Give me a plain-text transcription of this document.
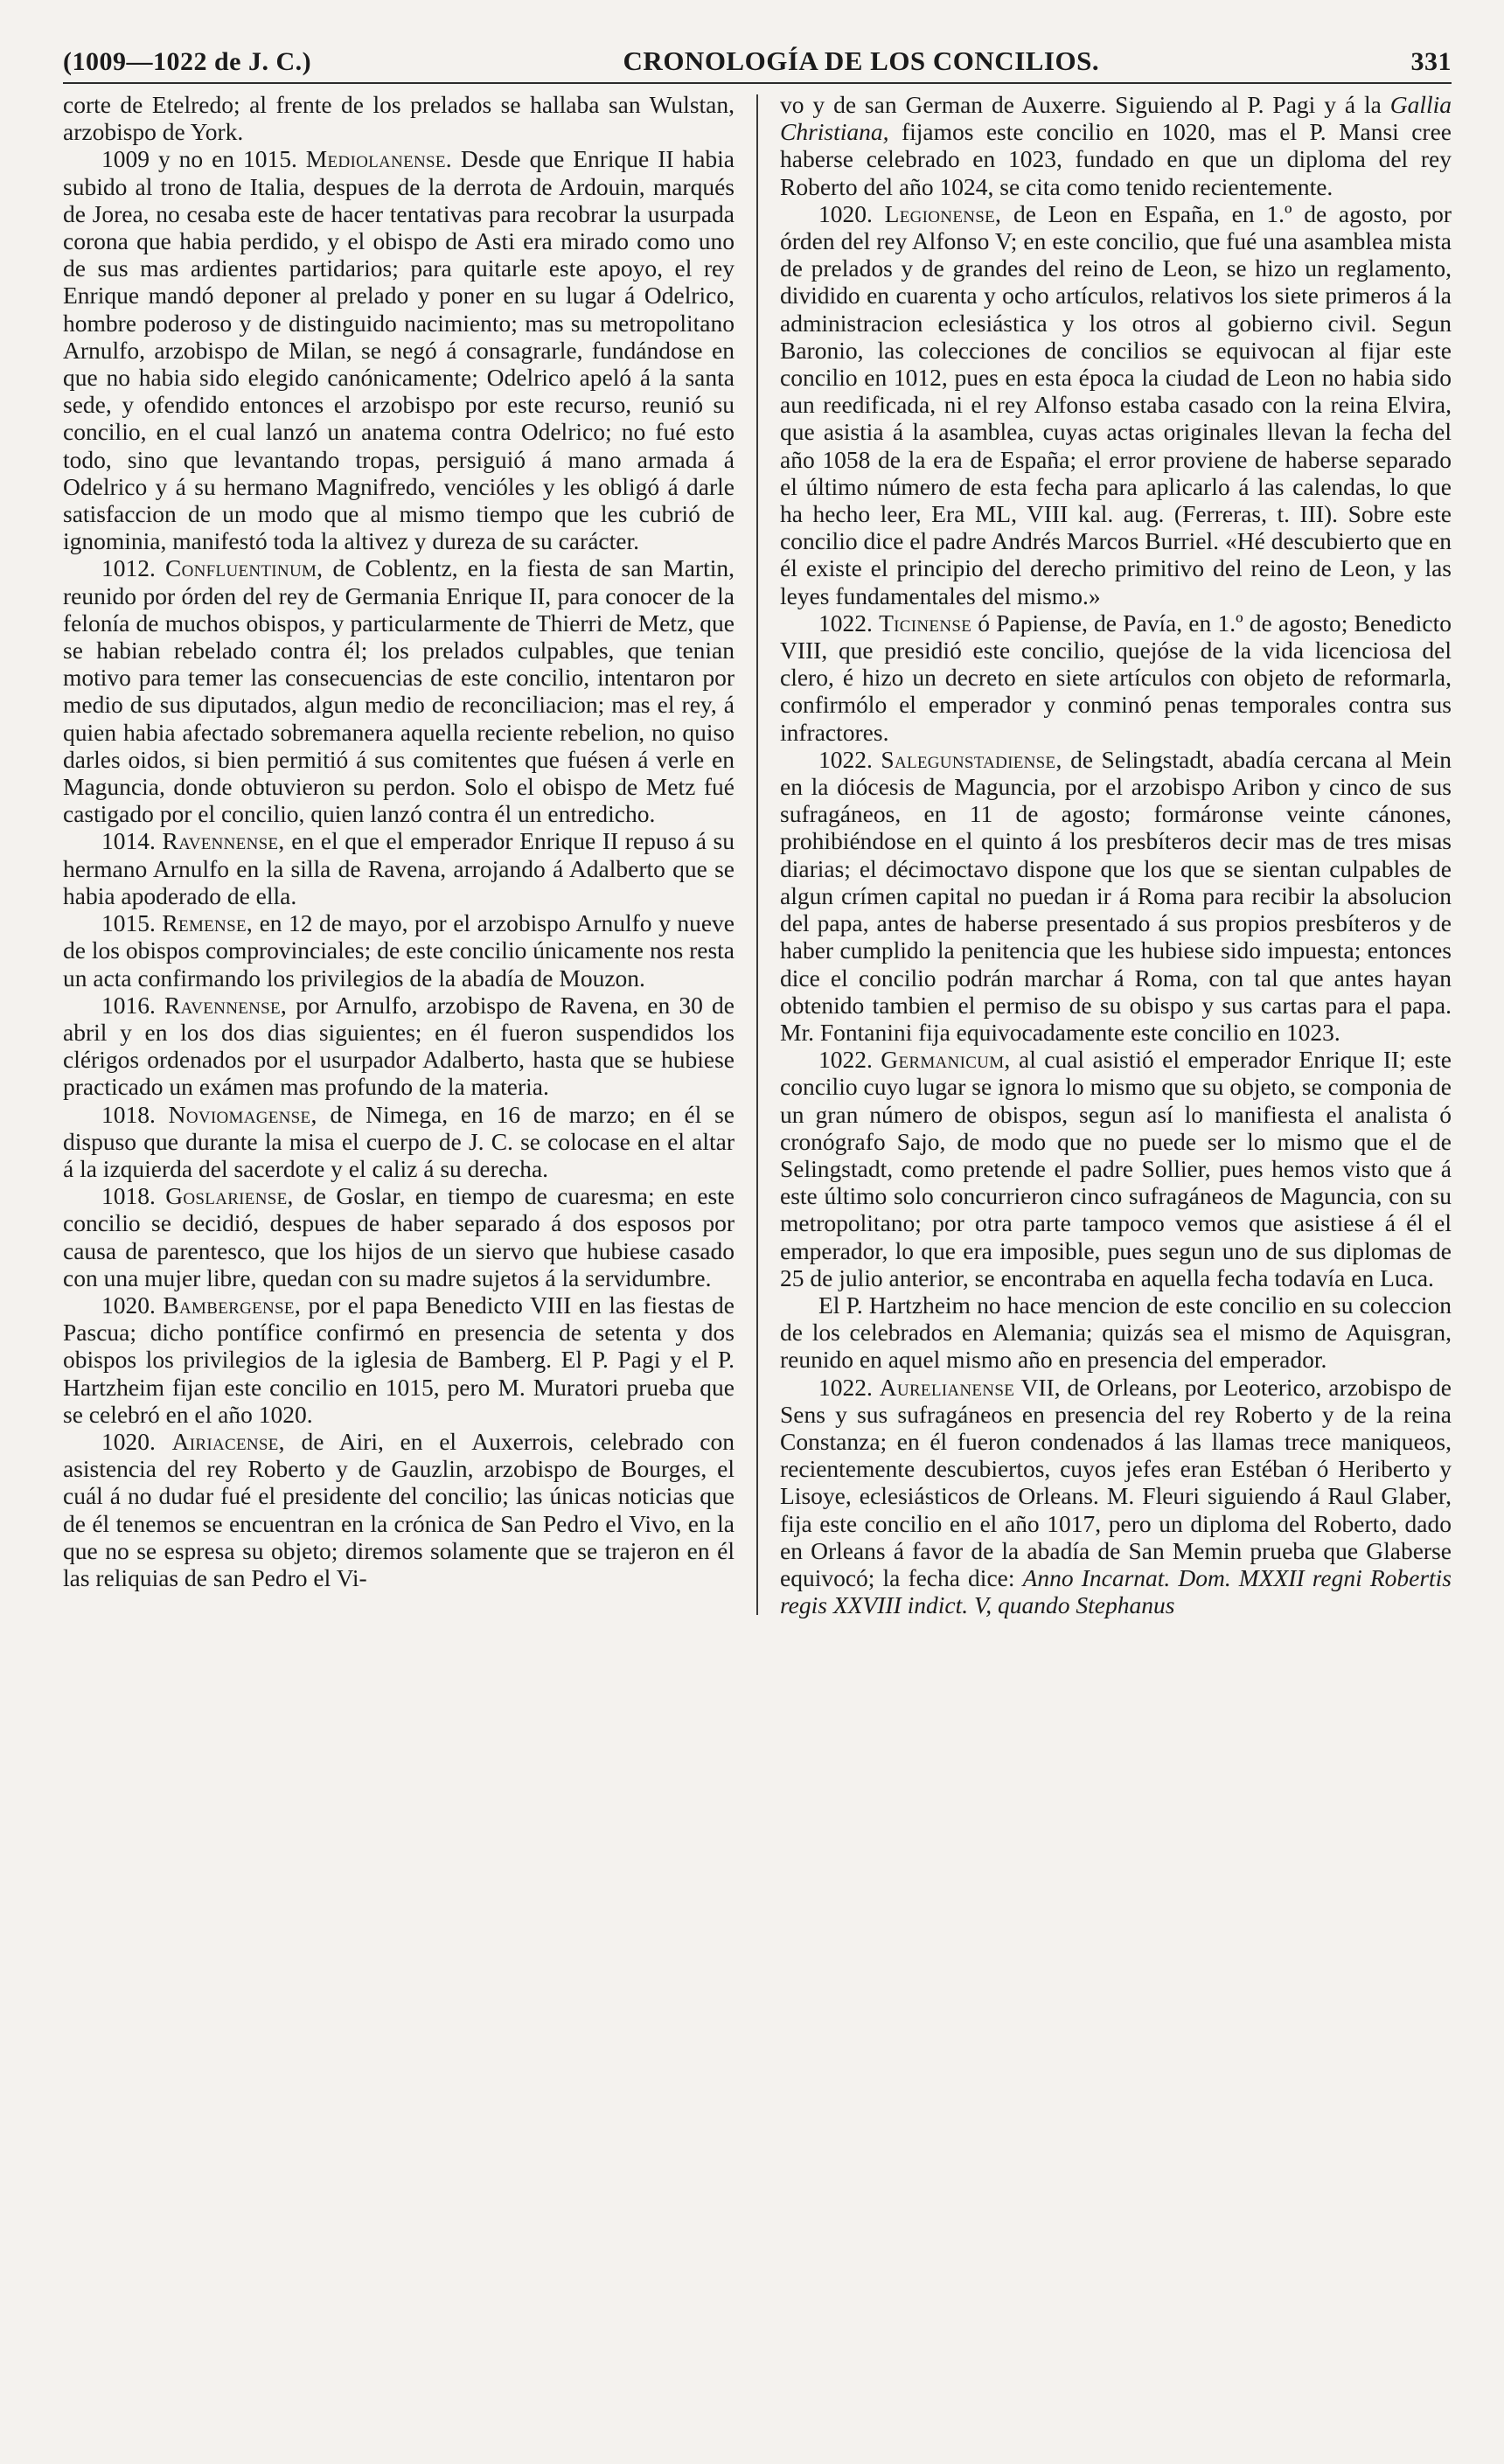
(1009—1022 de J. C.)	CRONOLOGÍA DE LOS CONCILIOS.	331

corte de Etelredo; al frente de los prelados se hallaba san Wulstan, arzobispo de York.

1009 y no en 1015. Mediolanense. Desde que Enrique II habia subido al trono de Italia, despues de la derrota de Ardouin, marqués de Jorea, no cesaba este de hacer tentativas para recobrar la usurpada corona que habia perdido, y el obispo de Asti era mirado como uno de sus mas ardientes partidarios; para quitarle este apoyo, el rey Enrique mandó deponer al prelado y poner en su lugar á Odelrico, hombre poderoso y de distinguido nacimiento; mas su metropolitano Arnulfo, arzobispo de Milan, se negó á consagrarle, fundándose en que no habia sido elegido canónicamente; Odelrico apeló á la santa sede, y ofendido entonces el arzobispo por este recurso, reunió su concilio, en el cual lanzó un anatema contra Odelrico; no fué esto todo, sino que levantando tropas, persiguió á mano armada á Odelrico y á su hermano Magnifredo, vencióles y les obligó á darle satisfaccion de un modo que al mismo tiempo que les cubrió de ignominia, manifestó toda la altivez y dureza de su carácter.

1012. Confluentinum, de Coblentz, en la fiesta de san Martin, reunido por órden del rey de Germania Enrique II, para conocer de la felonía de muchos obispos, y particularmente de Thierri de Metz, que se habian rebelado contra él; los prelados culpables, que tenian motivo para temer las consecuencias de este concilio, intentaron por medio de sus diputados, algun medio de reconciliacion; mas el rey, á quien habia afectado sobremanera aquella reciente rebelion, no quiso darles oidos, si bien permitió á sus comitentes que fuésen á verle en Maguncia, donde obtuvieron su perdon. Solo el obispo de Metz fué castigado por el concilio, quien lanzó contra él un entredicho.

1014. Ravennense, en el que el emperador Enrique II repuso á su hermano Arnulfo en la silla de Ravena, arrojando á Adalberto que se habia apoderado de ella.

1015. Remense, en 12 de mayo, por el arzobispo Arnulfo y nueve de los obispos comprovinciales; de este concilio únicamente nos resta un acta confirmando los privilegios de la abadía de Mouzon.

1016. Ravennense, por Arnulfo, arzobispo de Ravena, en 30 de abril y en los dos dias siguientes; en él fueron suspendidos los clérigos ordenados por el usurpador Adalberto, hasta que se hubiese practicado un exámen mas profundo de la materia.

1018. Noviomagense, de Nimega, en 16 de marzo; en él se dispuso que durante la misa el cuerpo de J. C. se colocase en el altar á la izquierda del sacerdote y el caliz á su derecha.

1018. Goslariense, de Goslar, en tiempo de cuaresma; en este concilio se decidió, despues de haber separado á dos esposos por causa de parentesco, que los hijos de un siervo que hubiese casado con una mujer libre, quedan con su madre sujetos á la servidumbre.

1020. Bambergense, por el papa Benedicto VIII en las fiestas de Pascua; dicho pontífice confirmó en presencia de setenta y dos obispos los privilegios de la iglesia de Bamberg. El P. Pagi y el P. Hartzheim fijan este concilio en 1015, pero M. Muratori prueba que se celebró en el año 1020.

1020. Airiacense, de Airi, en el Auxerrois, celebrado con asistencia del rey Roberto y de Gauzlin, arzobispo de Bourges, el cuál á no dudar fué el presidente del concilio; las únicas noticias que de él tenemos se encuentran en la crónica de San Pedro el Vivo, en la que no se espresa su objeto; diremos solamente que se trajeron en él las reliquias de san Pedro el Vi-

vo y de san German de Auxerre. Siguiendo al P. Pagi y á la Gallia Christiana, fijamos este concilio en 1020, mas el P. Mansi cree haberse celebrado en 1023, fundado en que un diploma del rey Roberto del año 1024, se cita como tenido recientemente.

1020. Legionense, de Leon en España, en 1.º de agosto, por órden del rey Alfonso V; en este concilio, que fué una asamblea mista de prelados y de grandes del reino de Leon, se hizo un reglamento, dividido en cuarenta y ocho artículos, relativos los siete primeros á la administracion eclesiástica y los otros al gobierno civil. Segun Baronio, las colecciones de concilios se equivocan al fijar este concilio en 1012, pues en esta época la ciudad de Leon no habia sido aun reedificada, ni el rey Alfonso estaba casado con la reina Elvira, que asistia á la asamblea, cuyas actas originales llevan la fecha del año 1058 de la era de España; el error proviene de haberse separado el último número de esta fecha para aplicarlo á las calendas, lo que ha hecho leer, Era ML, VIII kal. aug. (Ferreras, t. III). Sobre este concilio dice el padre Andrés Marcos Burriel. «Hé descubierto que en él existe el principio del derecho primitivo del reino de Leon, y las leyes fundamentales del mismo.»

1022. Ticinense ó Papiense, de Pavía, en 1.º de agosto; Benedicto VIII, que presidió este concilio, quejóse de la vida licenciosa del clero, é hizo un decreto en siete artículos con objeto de reformarla, confirmólo el emperador y conminó penas temporales contra sus infractores.

1022. Salegunstadiense, de Selingstadt, abadía cercana al Mein en la diócesis de Maguncia, por el arzobispo Aribon y cinco de sus sufragáneos, en 11 de agosto; formáronse veinte cánones, prohibiéndose en el quinto á los presbíteros decir mas de tres misas diarias; el décimoctavo dispone que los que se sientan culpables de algun crímen capital no puedan ir á Roma para recibir la absolucion del papa, antes de haberse presentado á sus propios presbíteros y de haber cumplido la penitencia que les hubiese sido impuesta; entonces dice el concilio podrán marchar á Roma, con tal que antes hayan obtenido tambien el permiso de su obispo y sus cartas para el papa. Mr. Fontanini fija equivocadamente este concilio en 1023.

1022. Germanicum, al cual asistió el emperador Enrique II; este concilio cuyo lugar se ignora lo mismo que su objeto, se componia de un gran número de obispos, segun así lo manifiesta el analista ó cronógrafo Sajo, de modo que no puede ser lo mismo que el de Selingstadt, como pretende el padre Sollier, pues hemos visto que á este último solo concurrieron cinco sufragáneos de Maguncia, con su metropolitano; por otra parte tampoco vemos que asistiese á él el emperador, lo que era imposible, pues segun uno de sus diplomas de 25 de julio anterior, se encontraba en aquella fecha todavía en Luca.

El P. Hartzheim no hace mencion de este concilio en su coleccion de los celebrados en Alemania; quizás sea el mismo de Aquisgran, reunido en aquel mismo año en presencia del emperador.

1022. Aurelianense VII, de Orleans, por Leoterico, arzobispo de Sens y sus sufragáneos en presencia del rey Roberto y de la reina Constanza; en él fueron condenados á las llamas trece maniqueos, recientemente descubiertos, cuyos jefes eran Estéban ó Heriberto y Lisoye, eclesiásticos de Orleans. M. Fleuri siguiendo á Raul Glaber, fija este concilio en el año 1017, pero un diploma del Roberto, dado en Orleans á favor de la abadía de San Memin prueba que Glaberse equivocó; la fecha dice: Anno Incarnat. Dom. MXXII regni Robertis regis XXVIII indict. V, quando Stephanus
